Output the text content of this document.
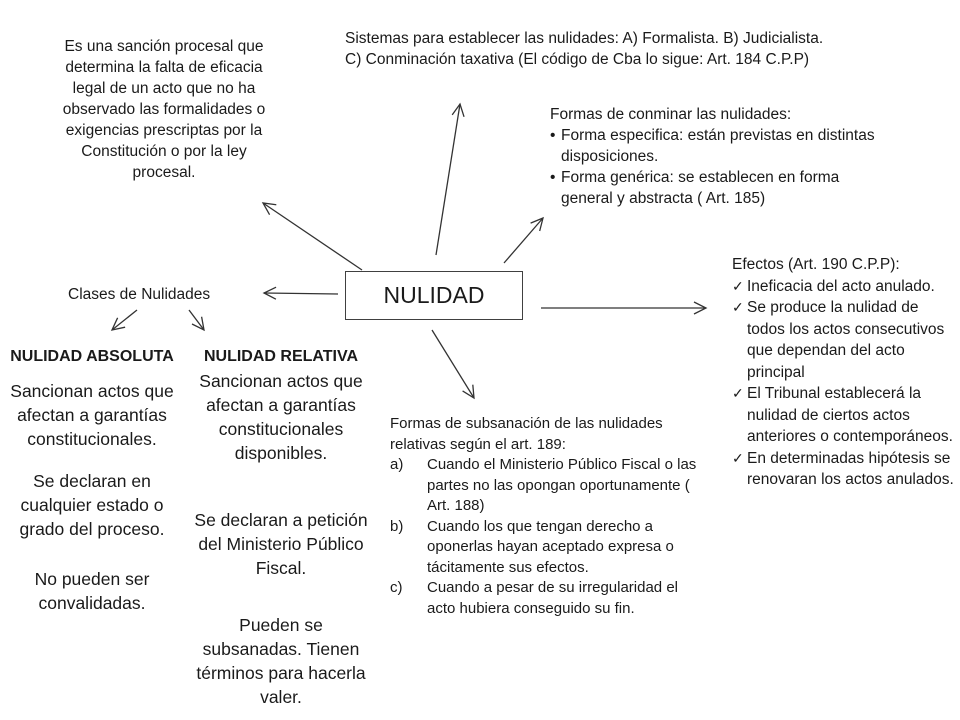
NULIDAD
Es una sanción procesal que determina la falta de eficacia legal de un acto que no ha observado las formalidades o exigencias prescriptas por la Constitución o por la ley procesal.
Sistemas para establecer las nulidades: A) Formalista. B) Judicialista. C) Conminación taxativa (El código de Cba lo sigue: Art. 184 C.P.P)
Formas de conminar las nulidades:
• Forma especifica: están previstas en distintas disposiciones.
• Forma genérica: se establecen en forma general y abstracta ( Art. 185)
Clases de Nulidades
NULIDAD ABSOLUTA
Sancionan actos que afectan a garantías constitucionales.
Se declaran en cualquier estado o grado del proceso.
No pueden ser convalidadas.
NULIDAD RELATIVA
Sancionan actos que afectan a garantías constitucionales disponibles.
Se declaran a petición del Ministerio Público Fiscal.
Pueden se subsanadas. Tienen términos para hacerla valer.
Formas de subsanación de las nulidades relativas según el art. 189:
a) Cuando el Ministerio Público Fiscal o las partes no las opongan oportunamente ( Art. 188)
b) Cuando los que tengan derecho a oponerlas hayan aceptado expresa o tácitamente sus efectos.
c) Cuando a pesar de su irregularidad el acto hubiera conseguido su fin.
Efectos (Art. 190 C.P.P):
✓ Ineficacia del acto anulado.
✓ Se produce la nulidad de todos los actos consecutivos que dependan del acto principal
✓ El Tribunal establecerá la nulidad de ciertos actos anteriores o contemporáneos.
✓ En determinadas hipótesis se renovaran los actos anulados.
